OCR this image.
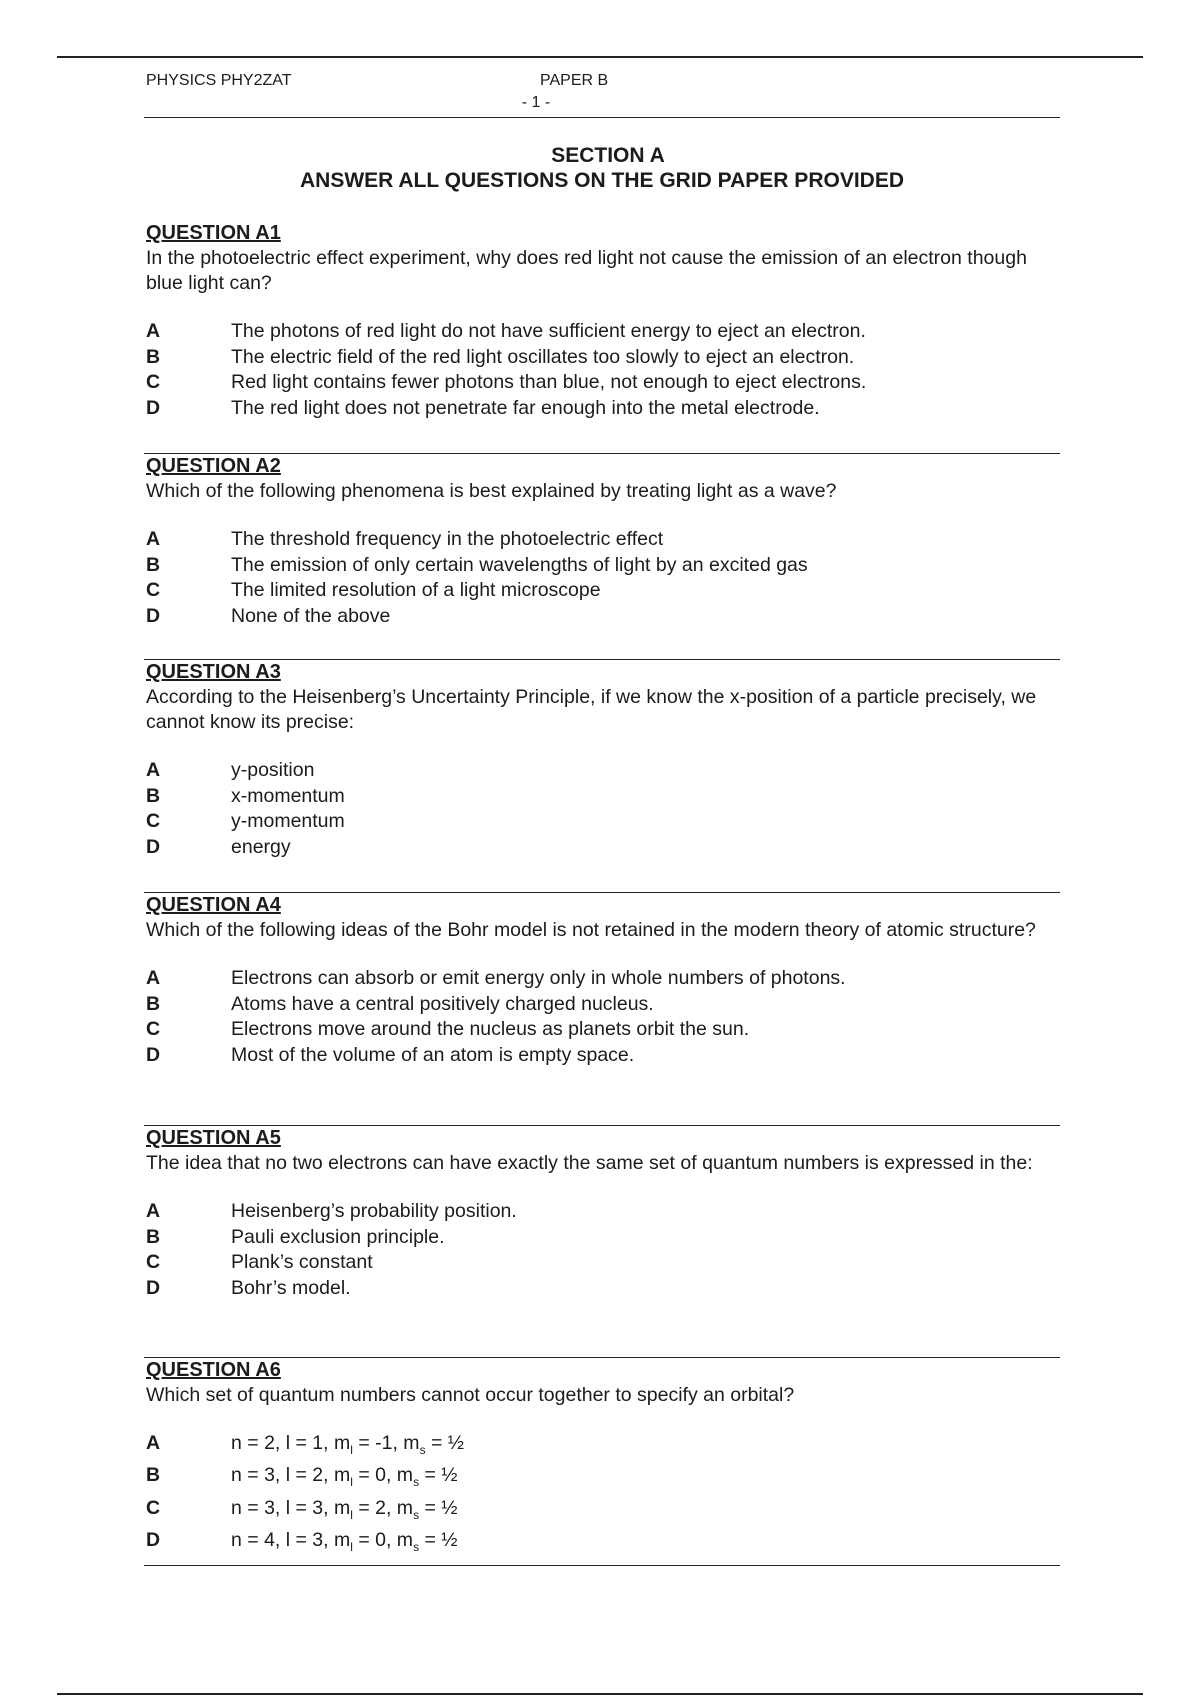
PHYSICS PHY2ZAT	PAPER B
- 1 -
SECTION A
ANSWER ALL QUESTIONS ON THE GRID PAPER PROVIDED
QUESTION A1
In the photoelectric effect experiment, why does red light not cause the emission of an electron though blue light can?
A	The photons of red light do not have sufficient energy to eject an electron.
B	The electric field of the red light oscillates too slowly to eject an electron.
C	Red light contains fewer photons than blue, not enough to eject electrons.
D	The red light does not penetrate far enough into the metal electrode.
QUESTION A2
Which of the following phenomena is best explained by treating light as a wave?
A	The threshold frequency in the photoelectric effect
B	The emission of only certain wavelengths of light by an excited gas
C	The limited resolution of a light microscope
D	None of the above
QUESTION A3
According to the Heisenberg’s Uncertainty Principle, if we know the x-position of a particle precisely, we cannot know its precise:
A	y-position
B	x-momentum
C	y-momentum
D	energy
QUESTION A4
Which of the following ideas of the Bohr model is not retained in the modern theory of atomic structure?
A	Electrons can absorb or emit energy only in whole numbers of photons.
B	Atoms have a central positively charged nucleus.
C	Electrons move around the nucleus as planets orbit the sun.
D	Most of the volume of an atom is empty space.
QUESTION A5
The idea that no two electrons can have exactly the same set of quantum numbers is expressed in the:
A	Heisenberg’s probability position.
B	Pauli exclusion principle.
C	Plank’s constant
D	Bohr’s model.
QUESTION A6
Which set of quantum numbers cannot occur together to specify an orbital?
A	n = 2, l = 1, $m_l = -1$, $m_s$ = ½
B	n = 3, l = 2, $m_l = 0$, $m_s$ = ½
C	n = 3, l = 3, $m_l = 2$, $m_s$ = ½
D	n = 4, l = 3, $m_l = 0$, $m_s$ = ½
